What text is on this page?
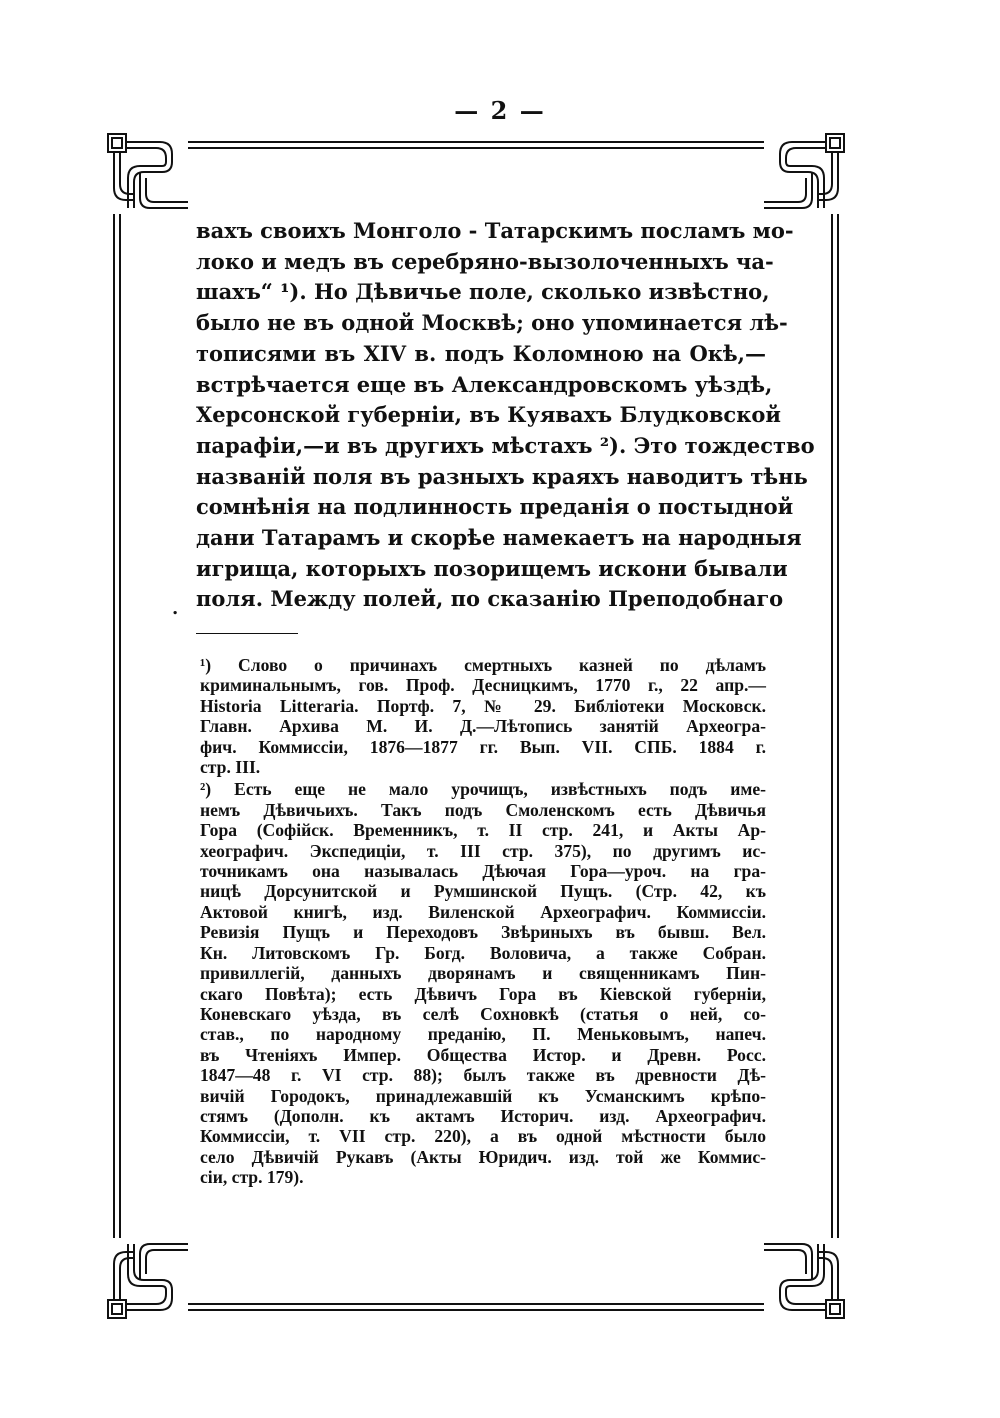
— 2 —
вахъ своихъ Монголо - Татарскимъ посламъ мо-
локо и медъ въ серебряно-вызолоченныхъ ча-
шахъ“ ¹). Но Дѣвичье поле, сколько извѣстно,
было не въ одной Москвѣ; оно упоминается лѣ-
тописями въ XIV в. подъ Коломною на Окѣ,—
встрѣчается еще въ Александровскомъ уѣздѣ,
Херсонской губерніи, въ Куявахъ Блудковской
парафіи,—и въ другихъ мѣстахъ ²). Это тождество
названій поля въ разныхъ краяхъ наводитъ тѣнь
сомнѣнія на подлинность преданія о постыдной
дани Татарамъ и скорѣе намекаетъ на народныя
игрища, которыхъ позорищемъ искони бывали
поля. Между полей, по сказанію Преподобнаго
.
¹) Слово о причинахъ смертныхъ казней по дѣламъ
криминальнымъ, гов. Проф. Десницкимъ, 1770 г., 22 апр.—
Historia Litteraria. Портф. 7, № 29. Библіотеки Московск.
Главн. Архива М. И. Д.—Лѣтопись занятій Археогра-
фич. Коммиссіи, 1876—1877 гг. Вып. VII. СПБ. 1884 г.
стр. III.
²) Есть еще не мало урочищъ, извѣстныхъ подъ име-
немъ Дѣвичьихъ. Такъ подъ Смоленскомъ есть Дѣвичья
Гора (Софійск. Временникъ, т. II стр. 241, и Акты Ар-
хеографич. Экспедиціи, т. III стр. 375), по другимъ ис-
точникамъ она называлась Дѣючая Гора—уроч. на гра-
ницѣ Дорсунитской и Румшинской Пущъ. (Стр. 42, къ
Актовой книгѣ, изд. Виленской Археографич. Коммиссіи.
Ревизія Пущъ и Переходовъ Звѣриныхъ въ бывш. Вел.
Кн. Литовскомъ Гр. Богд. Воловича, а также Собран.
привиллегій, данныхъ дворянамъ и священникамъ Пин-
скаго Повѣта); есть Дѣвичъ Гора въ Кіевской губерніи,
Коневскаго уѣзда, въ селѣ Сохновкѣ (статья о ней, со-
став., по народному преданію, П. Меньковымъ, напеч.
въ Чтеніяхъ Импер. Общества Истор. и Древн. Росс.
1847—48 г. VI стр. 88); былъ также въ древности Дѣ-
вичій Городокъ, принадлежавшій къ Усманскимъ крѣпо-
стямъ (Дополн. къ актамъ Историч. изд. Археографич.
Коммиссіи, т. VII стр. 220), а въ одной мѣстности было
село Дѣвичій Рукавъ (Акты Юридич. изд. той же Коммис-
сіи, стр. 179).
